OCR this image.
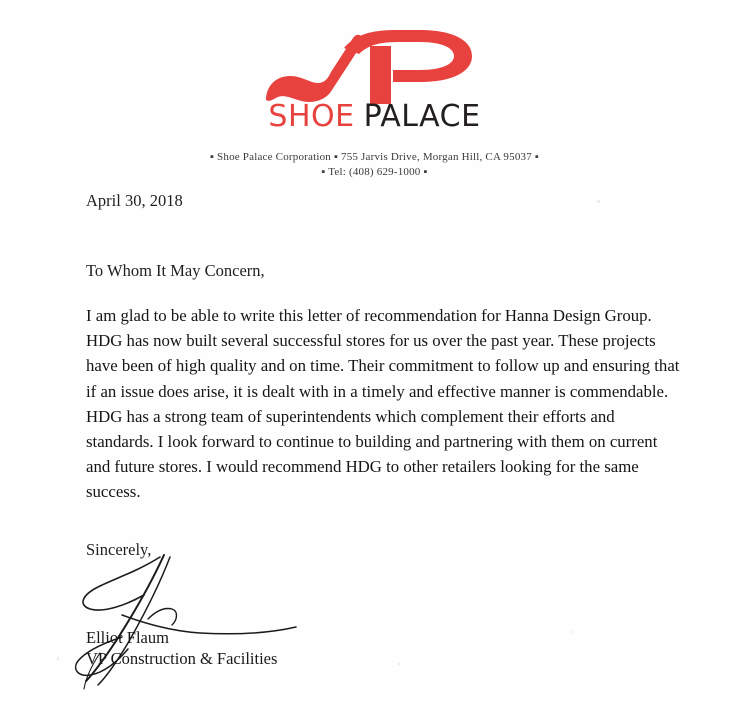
SHOE PALACE
▪ Shoe Palace Corporation ▪ 755 Jarvis Drive, Morgan Hill, CA 95037 ▪
▪ Tel: (408) 629-1000 ▪
April 30, 2018
To Whom It May Concern,
I am glad to be able to write this letter of recommendation for Hanna Design Group. HDG has now built several successful stores for us over the past year. These projects have been of high quality and on time. Their commitment to follow up and ensuring that if an issue does arise, it is dealt with in a timely and effective manner is commendable. HDG has a strong team of superintendents which complement their efforts and standards. I look forward to continue to building and partnering with them on current and future stores. I would recommend HDG to other retailers looking for the same success.
Sincerely,
Elliot Flaum
VP Construction & Facilities
